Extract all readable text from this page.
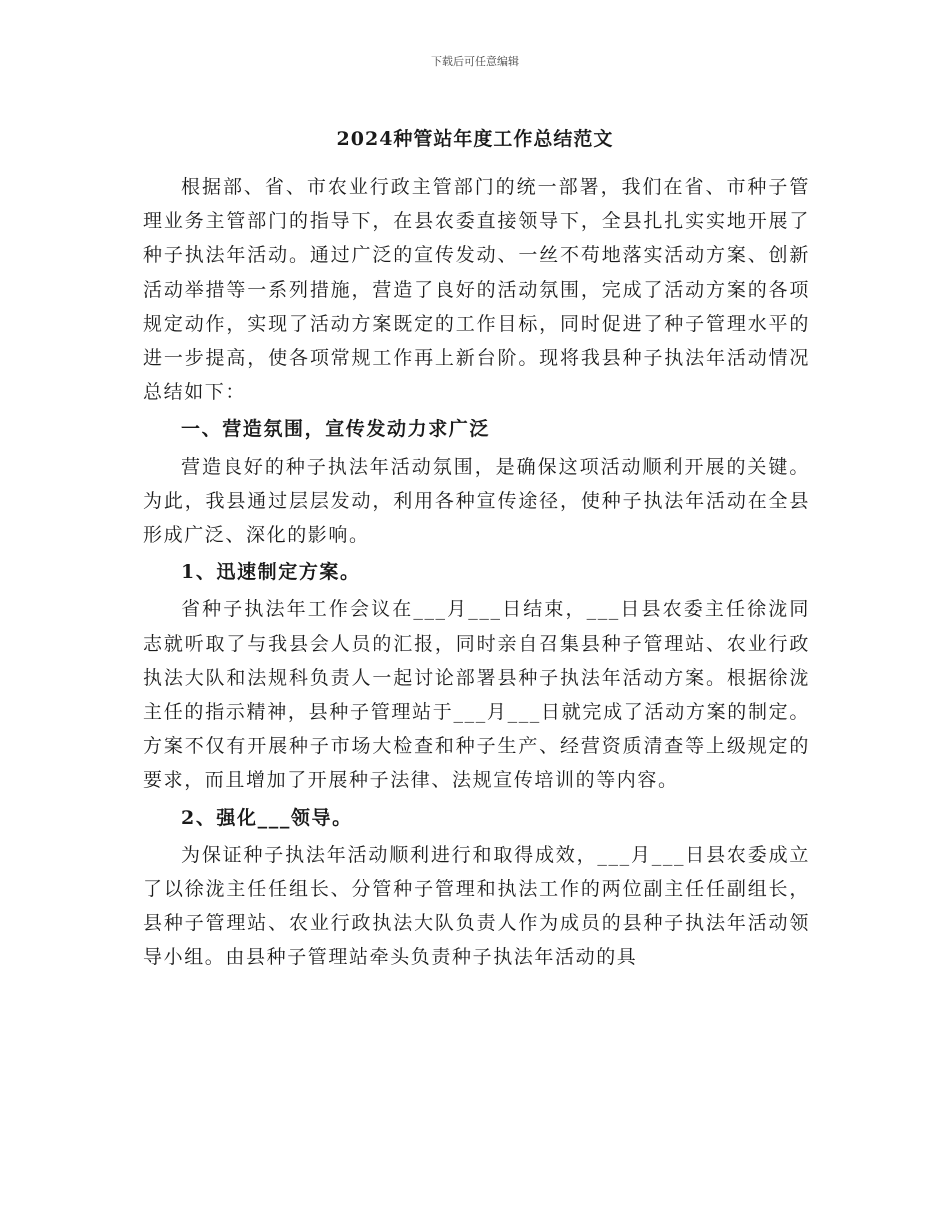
下载后可任意编辑
2024种管站年度工作总结范文

根据部、省、市农业行政主管部门的统一部署，我们在省、市种子管理业务主管部门的指导下，在县农委直接领导下，全县扎扎实实地开展了种子执法年活动。通过广泛的宣传发动、一丝不苟地落实活动方案、创新活动举措等一系列措施，营造了良好的活动氛围，完成了活动方案的各项规定动作，实现了活动方案既定的工作目标，同时促进了种子管理水平的进一步提高，使各项常规工作再上新台阶。现将我县种子执法年活动情况总结如下：

一、营造氛围，宣传发动力求广泛

营造良好的种子执法年活动氛围，是确保这项活动顺利开展的关键。为此，我县通过层层发动，利用各种宣传途径，使种子执法年活动在全县形成广泛、深化的影响。

1、迅速制定方案。

省种子执法年工作会议在___月___日结束，___日县农委主任徐泷同志就听取了与我县会人员的汇报，同时亲自召集县种子管理站、农业行政执法大队和法规科负责人一起讨论部署县种子执法年活动方案。根据徐泷主任的指示精神，县种子管理站于___月___日就完成了活动方案的制定。方案不仅有开展种子市场大检查和种子生产、经营资质清查等上级规定的要求，而且增加了开展种子法律、法规宣传培训的等内容。

2、强化___领导。

为保证种子执法年活动顺利进行和取得成效，___月___日县农委成立了以徐泷主任任组长、分管种子管理和执法工作的两位副主任任副组长，县种子管理站、农业行政执法大队负责人作为成员的县种子执法年活动领导小组。由县种子管理站牵头负责种子执法年活动的具
